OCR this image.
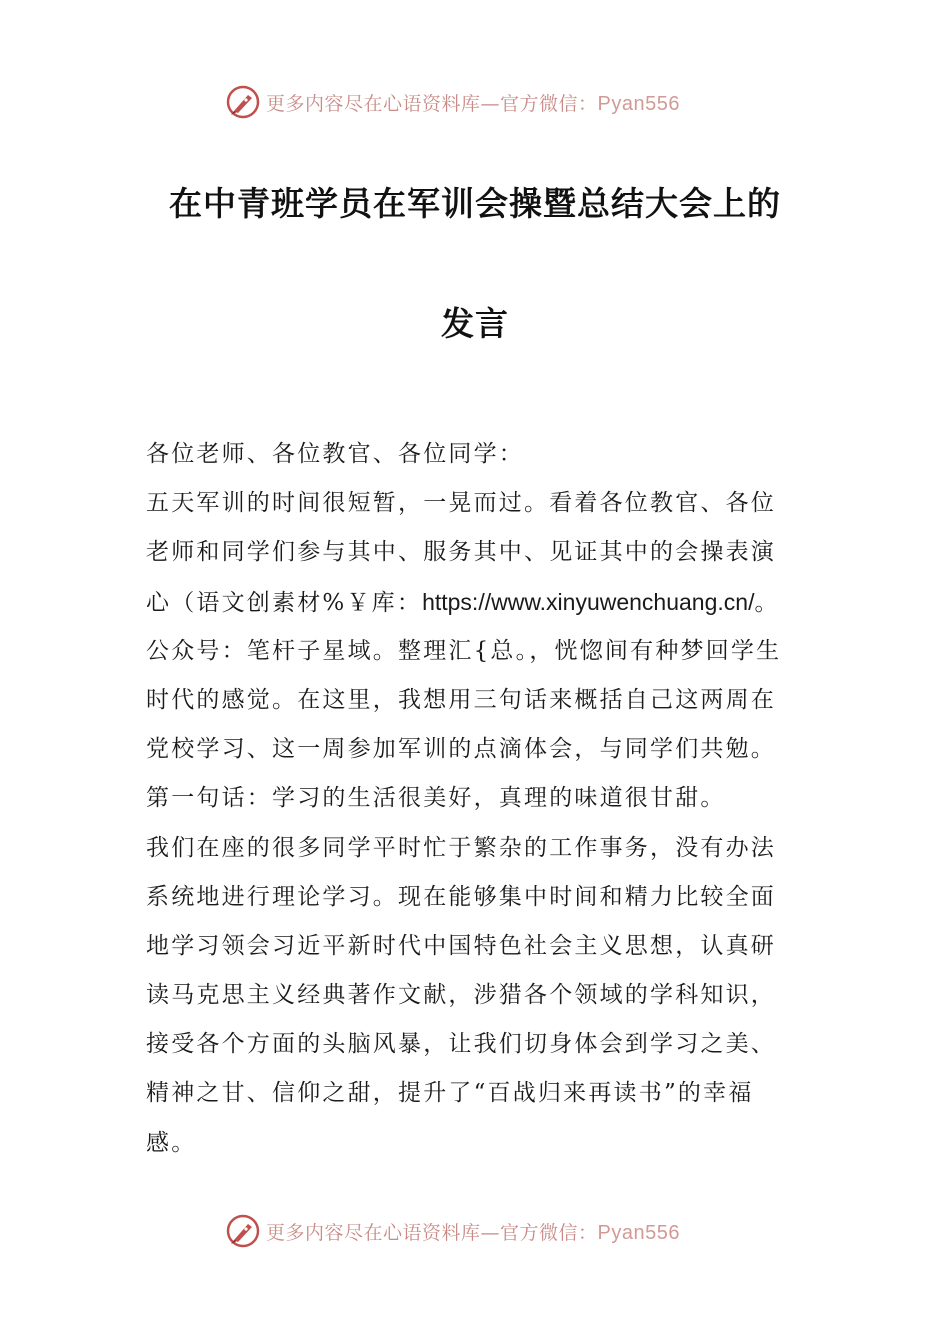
更多内容尽在心语资料库—官方微信：Pyan556
在中青班学员在军训会操暨总结大会上的
发言
各位老师、各位教官、各位同学：
五天军训的时间很短暂，一晃而过。看着各位教官、各位
老师和同学们参与其中、服务其中、见证其中的会操表演
心（语文创素材%￥库：https://www.xinyuwenchuang.cn/。
公众号：笔杆子星域。整理汇{总。，恍惚间有种梦回学生
时代的感觉。在这里，我想用三句话来概括自己这两周在
党校学习、这一周参加军训的点滴体会，与同学们共勉。
第一句话：学习的生活很美好，真理的味道很甘甜。
我们在座的很多同学平时忙于繁杂的工作事务，没有办法
系统地进行理论学习。现在能够集中时间和精力比较全面
地学习领会习近平新时代中国特色社会主义思想，认真研
读马克思主义经典著作文献，涉猎各个领域的学科知识，
接受各个方面的头脑风暴，让我们切身体会到学习之美、
精神之甘、信仰之甜，提升了“百战归来再读书”的幸福
感。
更多内容尽在心语资料库—官方微信：Pyan556
